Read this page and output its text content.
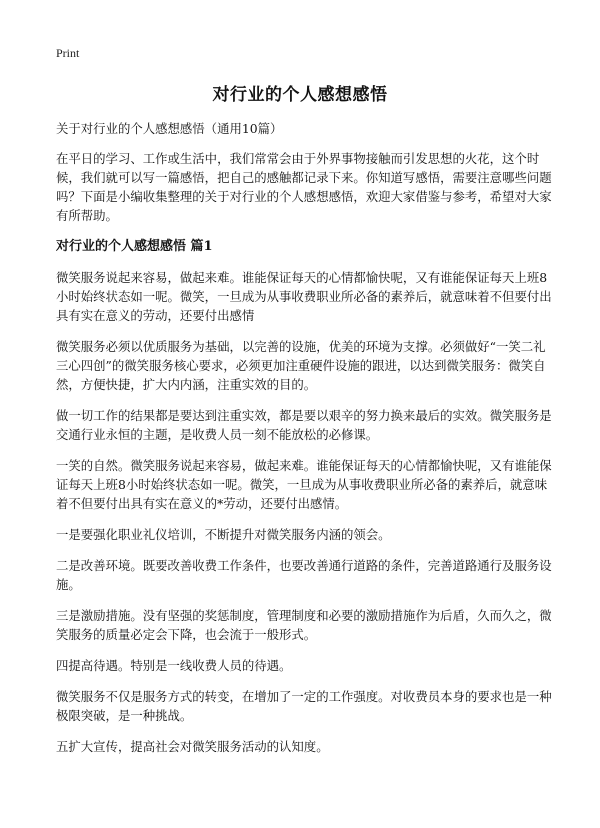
Print
对行业的个人感想感悟

关于对行业的个人感想感悟（通用10篇）

在平日的学习、工作或生活中，我们常常会由于外界事物接触而引发思想的火花，这个时候，我们就可以写一篇感悟，把自己的感触都记录下来。你知道写感悟，需要注意哪些问题吗？下面是小编收集整理的关于对行业的个人感想感悟，欢迎大家借鉴与参考，希望对大家有所帮助。

对行业的个人感想感悟 篇1

微笑服务说起来容易，做起来难。谁能保证每天的心情都愉快呢，又有谁能保证每天上班8小时始终状态如一呢。微笑，一旦成为从事收费职业所必备的素养后，就意味着不但要付出具有实在意义的劳动，还要付出感情

微笑服务必须以优质服务为基础，以完善的设施，优美的环境为支撑。必须做好“一笑二礼三心四创”的微笑服务核心要求，必须更加注重硬件设施的跟进，以达到微笑服务：微笑自然，方便快捷，扩大内内涵，注重实效的目的。

做一切工作的结果都是要达到注重实效，都是要以艰辛的努力换来最后的实效。微笑服务是交通行业永恒的主题，是收费人员一刻不能放松的必修课。

一笑的自然。微笑服务说起来容易，做起来难。谁能保证每天的心情都愉快呢，又有谁能保证每天上班8小时始终状态如一呢。微笑，一旦成为从事收费职业所必备的素养后，就意味着不但要付出具有实在意义的*劳动，还要付出感情。

一是要强化职业礼仪培训，不断提升对微笑服务内涵的领会。

二是改善环境。既要改善收费工作条件，也要改善通行道路的条件，完善道路通行及服务设施。

三是激励措施。没有坚强的奖惩制度，管理制度和必要的激励措施作为后盾，久而久之，微笑服务的质量必定会下降，也会流于一般形式。

四提高待遇。特别是一线收费人员的待遇。

微笑服务不仅是服务方式的转变，在增加了一定的工作强度。对收费员本身的要求也是一种极限突破，是一种挑战。

五扩大宣传，提高社会对微笑服务活动的认知度。
